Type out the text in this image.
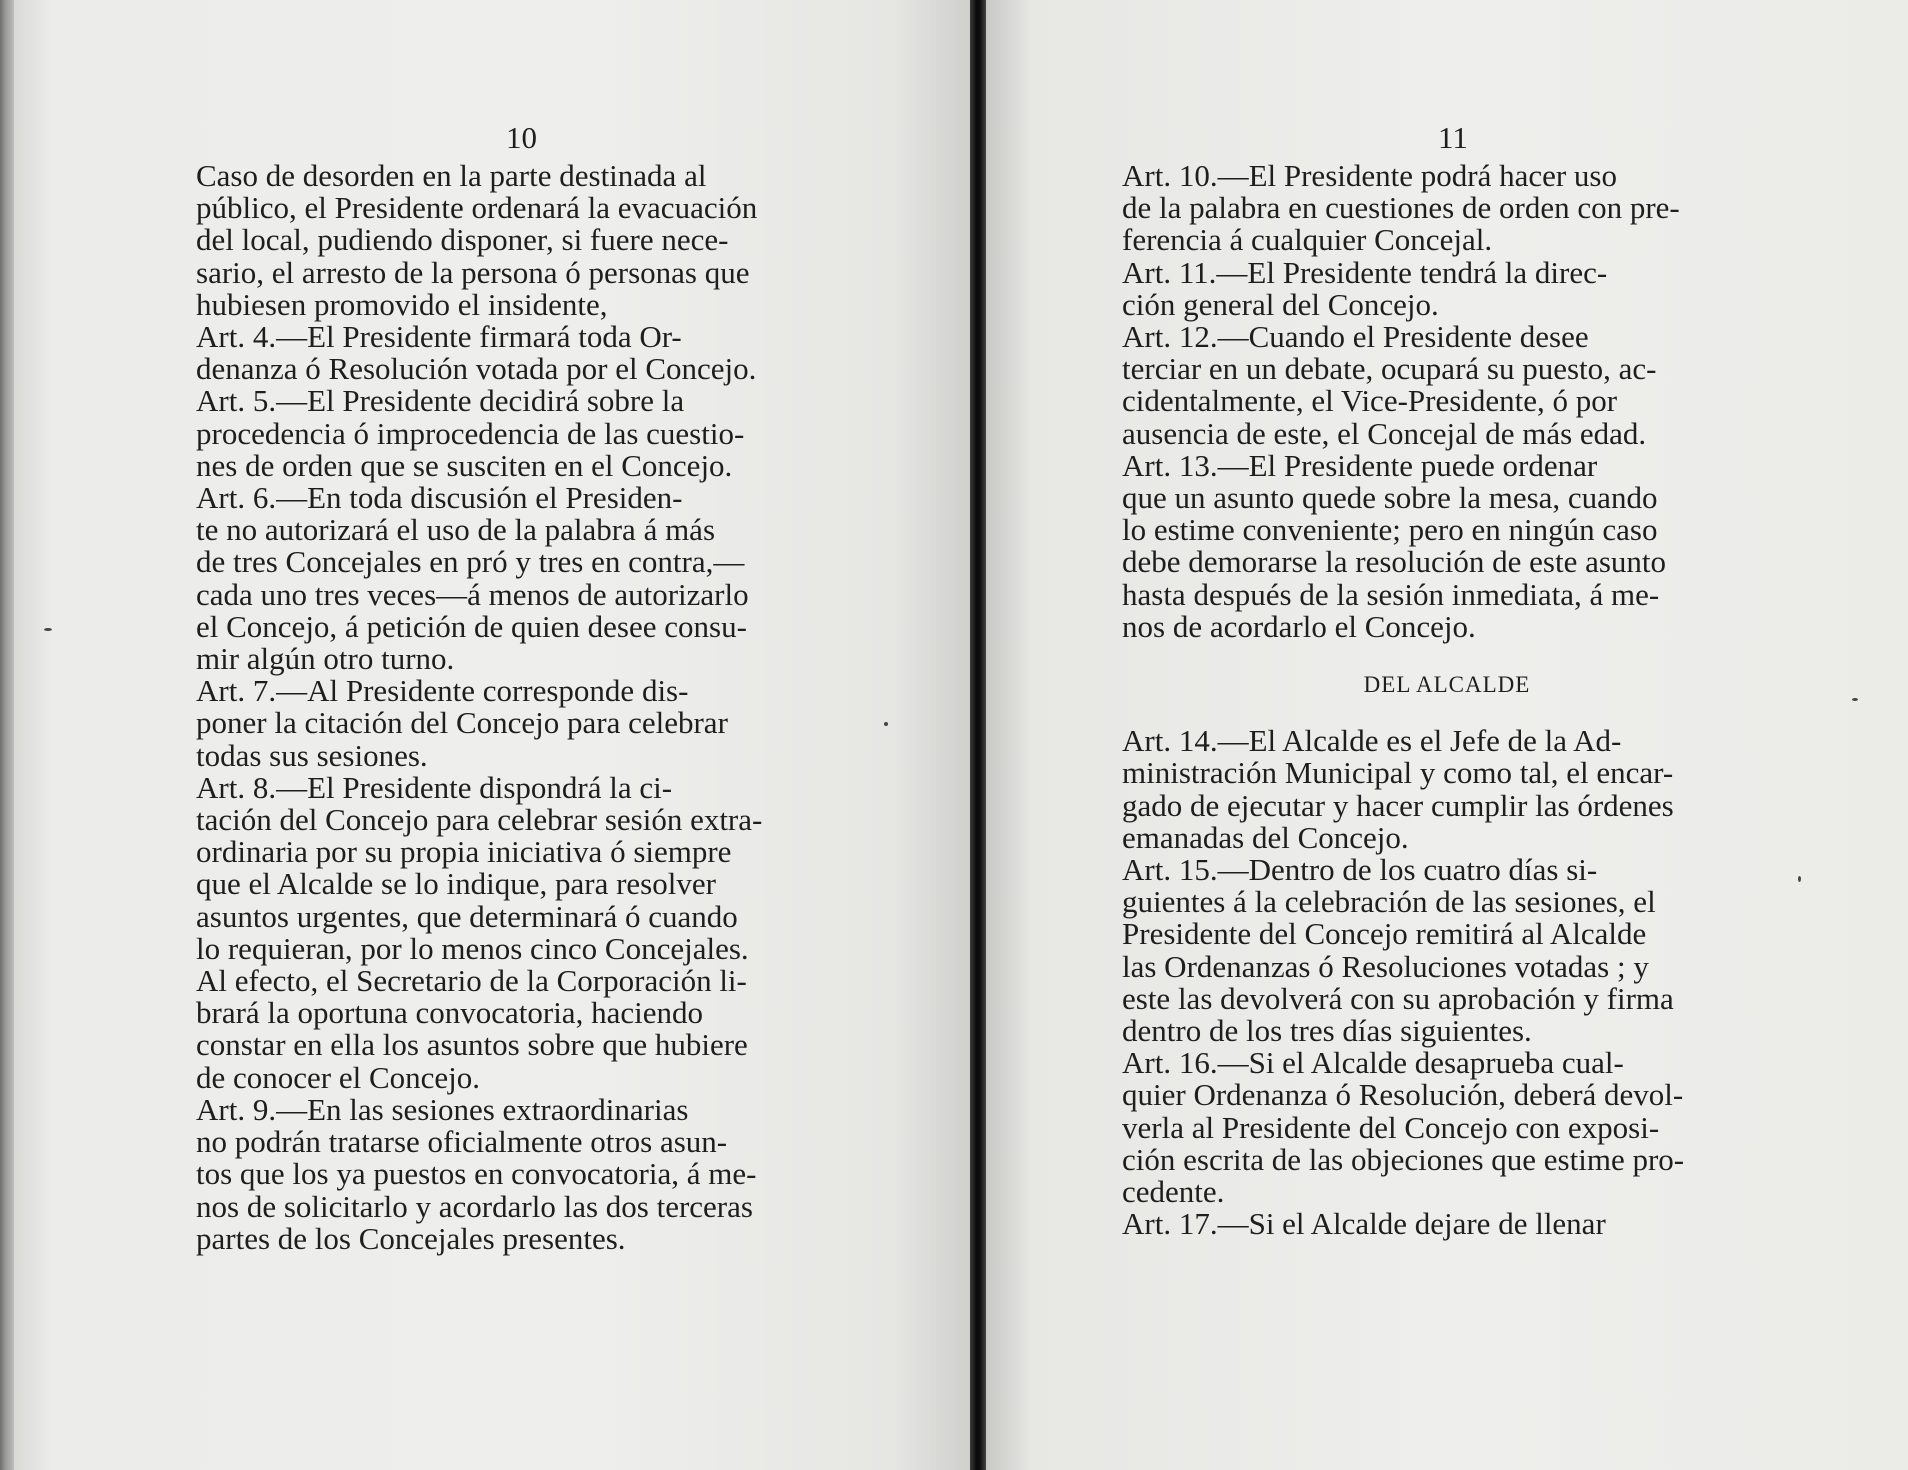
10

Caso de desorden en la parte destinada al

público, el Presidente ordenará la evacuación

del local, pudiendo disponer, si fuere nece-

sario, el arresto de la persona ó personas que

hubiesen promovido el insidente,

Art. 4.—El Presidente firmará toda Or-

denanza ó Resolución votada por el Concejo.

Art. 5.—El Presidente decidirá sobre la

procedencia ó improcedencia de las cuestio-

nes de orden que se susciten en el Concejo.

Art. 6.—En toda discusión el Presiden-

te no autorizará el uso de la palabra á más

de tres Concejales en pró y tres en contra,—

cada uno tres veces—á menos de autorizarlo

el Concejo, á petición de quien desee consu-

mir algún otro turno.

Art. 7.—Al Presidente corresponde dis-

poner la citación del Concejo para celebrar

todas sus sesiones.

Art. 8.—El Presidente dispondrá la ci-

tación del Concejo para celebrar sesión extra-

ordinaria por su propia iniciativa ó siempre

que el Alcalde se lo indique, para resolver

asuntos urgentes, que determinará ó cuando

lo requieran, por lo menos cinco Concejales.

Al efecto, el Secretario de la Corporación li-

brará la oportuna convocatoria, haciendo

constar en ella los asuntos sobre que hubiere

de conocer el Concejo.

Art. 9.—En las sesiones extraordinarias

no podrán tratarse oficialmente otros asun-

tos que los ya puestos en convocatoria, á me-

nos de solicitarlo y acordarlo las dos terceras

partes de los Concejales presentes.

11

Art. 10.—El Presidente podrá hacer uso

de la palabra en cuestiones de orden con pre-

ferencia á cualquier Concejal.

Art. 11.—El Presidente tendrá la direc-

ción general del Concejo.

Art. 12.—Cuando el Presidente desee

terciar en un debate, ocupará su puesto, ac-

cidentalmente, el Vice-Presidente, ó por

ausencia de este, el Concejal de más edad.

Art. 13.—El Presidente puede ordenar

que un asunto quede sobre la mesa, cuando

lo estime conveniente; pero en ningún caso

debe demorarse la resolución de este asunto

hasta después de la sesión inmediata, á me-

nos de acordarlo el Concejo.

DEL ALCALDE

Art. 14.—El Alcalde es el Jefe de la Ad-

ministración Municipal y como tal, el encar-

gado de ejecutar y hacer cumplir las órdenes

emanadas del Concejo.

Art. 15.—Dentro de los cuatro días si-

guientes á la celebración de las sesiones, el

Presidente del Concejo remitirá al Alcalde

las Ordenanzas ó Resoluciones votadas ; y

este las devolverá con su aprobación y firma

dentro de los tres días siguientes.

Art. 16.—Si el Alcalde desaprueba cual-

quier Ordenanza ó Resolución, deberá devol-

verla al Presidente del Concejo con exposi-

ción escrita de las objeciones que estime pro-

cedente.

Art. 17.—Si el Alcalde dejare de llenar
